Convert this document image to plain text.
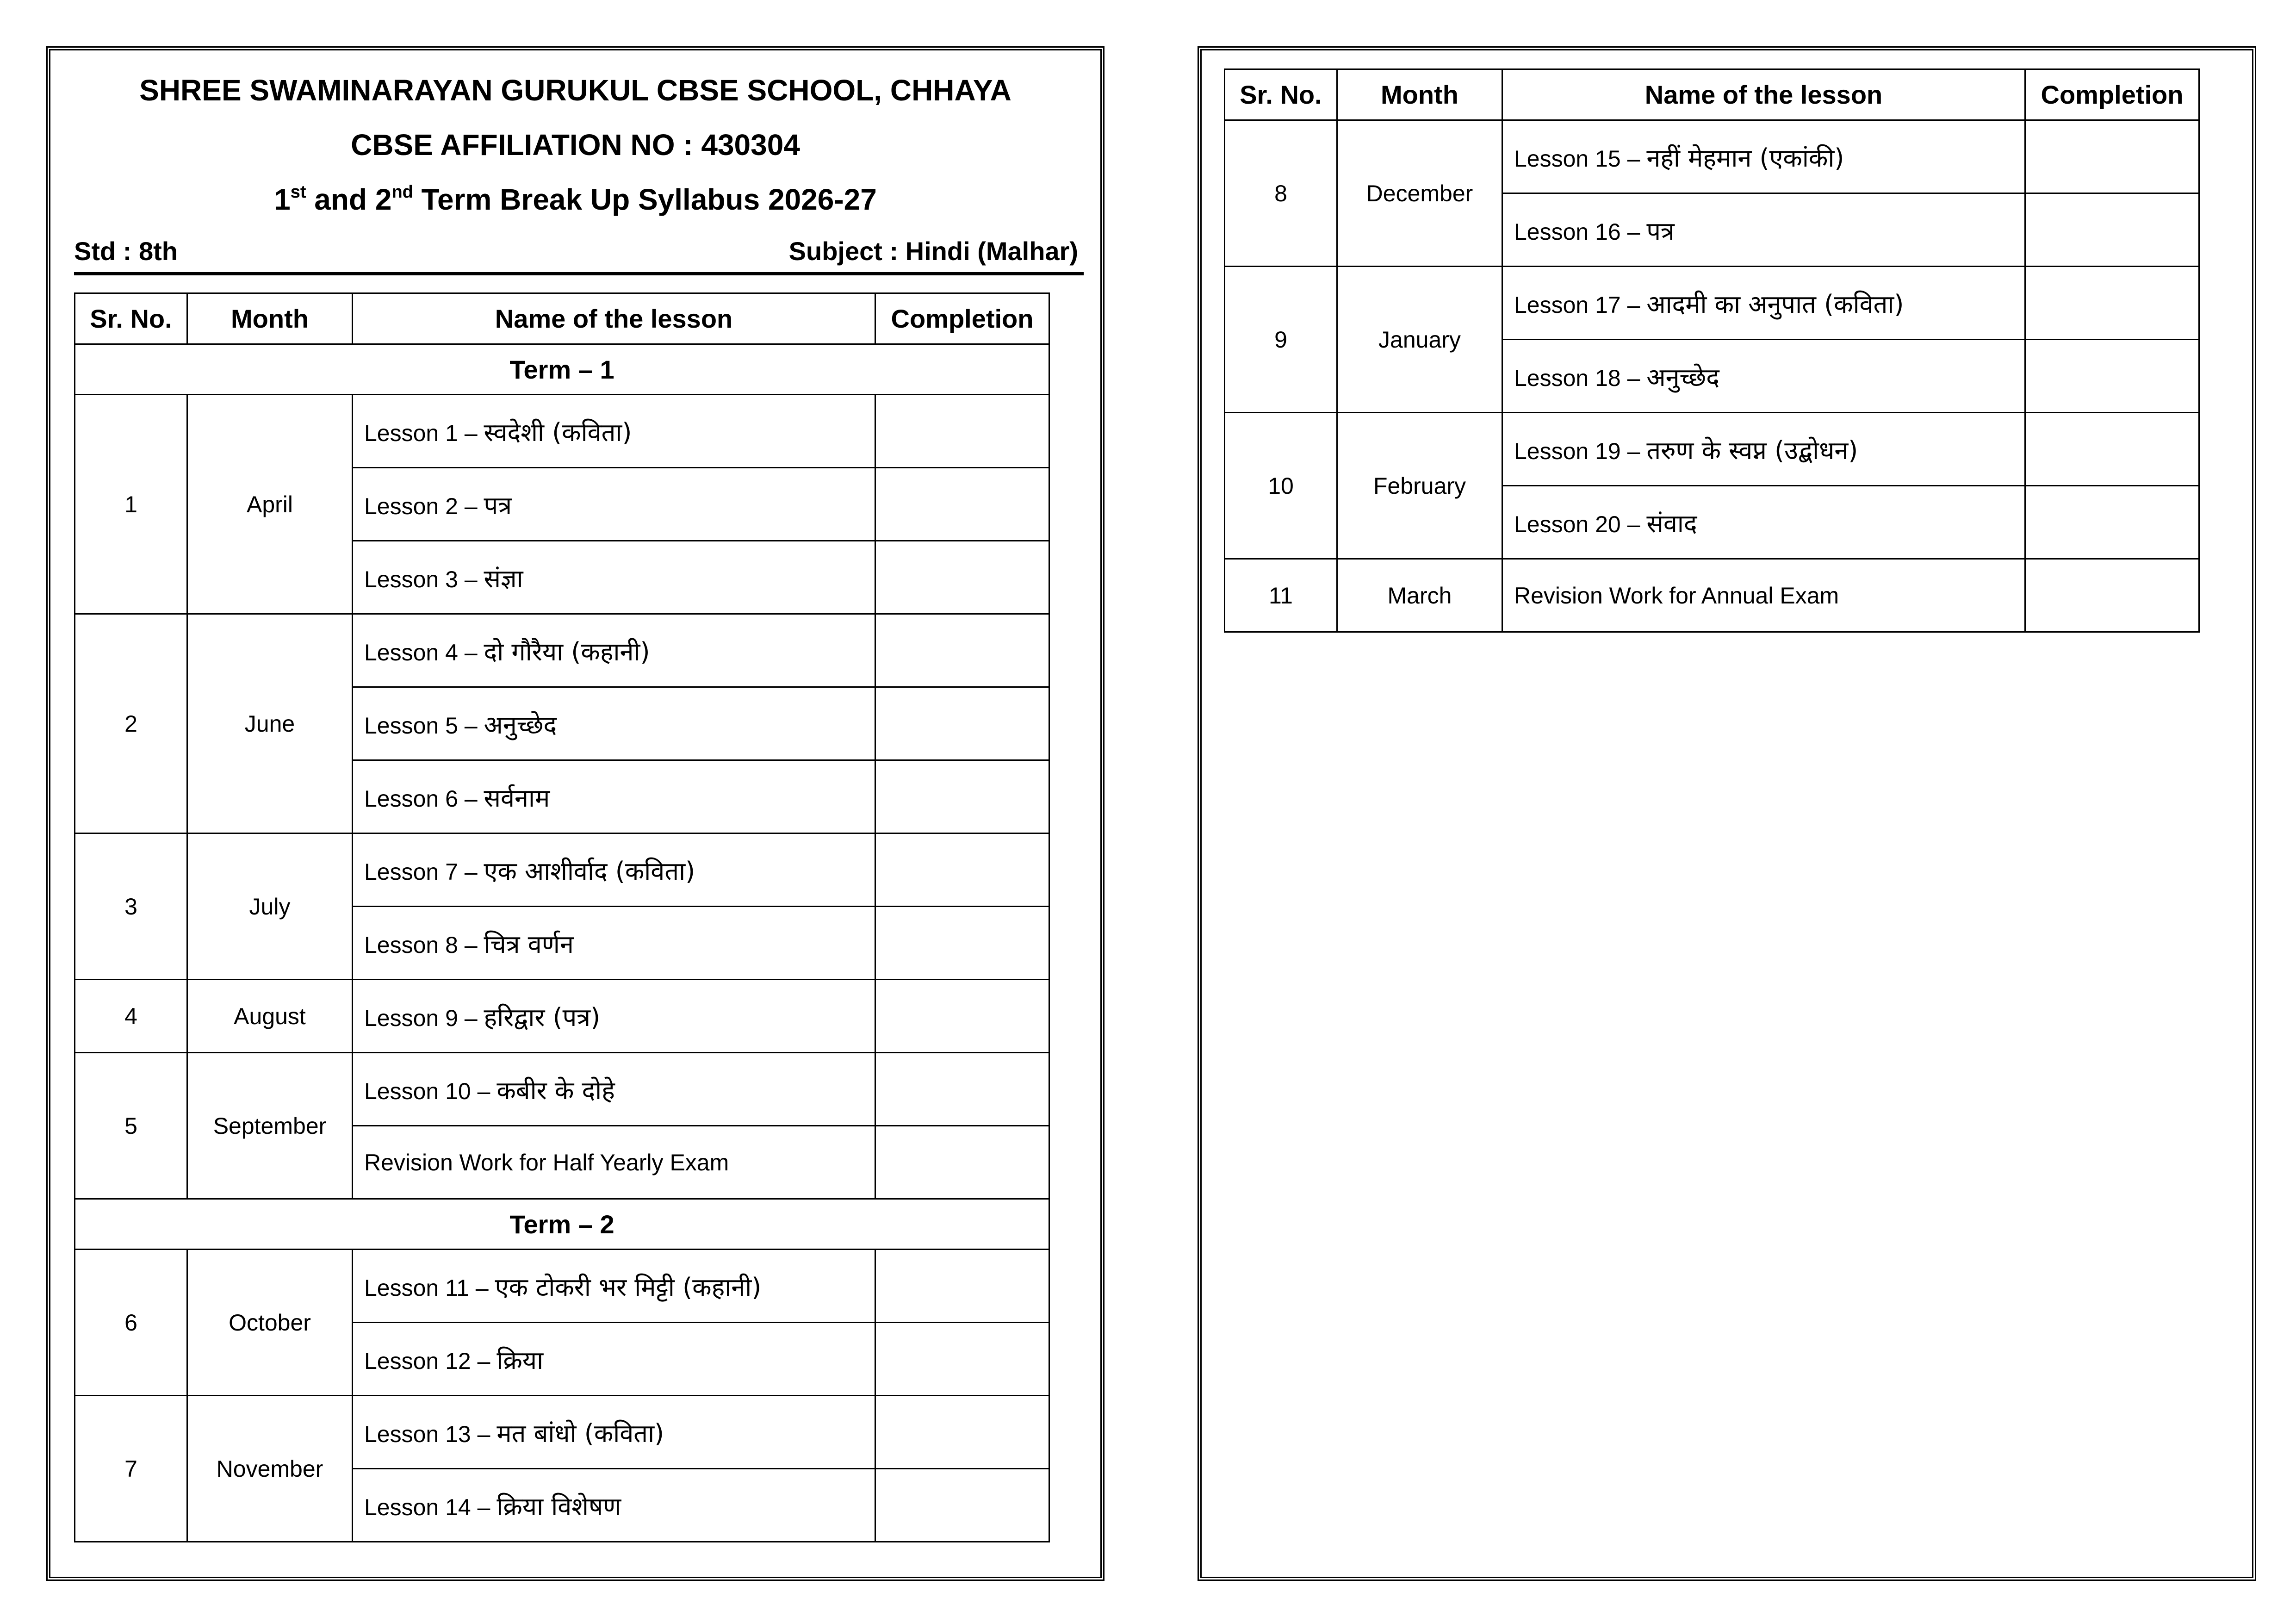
SHREE SWAMINARAYAN GURUKUL CBSE SCHOOL, CHHAYA
CBSE AFFILIATION NO : 430304
1st and 2nd Term Break Up Syllabus 2026-27
Std : 8th	Subject : Hindi (Malhar)
Sr. No.	Month	Name of the lesson	Completion
Term – 1			
1	April	Lesson 1 – स्वदेशी (कविता)	
		Lesson 2 – पत्र	
		Lesson 3 – संज्ञा	
2	June	Lesson 4 – दो गौरैया (कहानी)	
		Lesson 5 – अनुच्छेद	
		Lesson 6 – सर्वनाम	
3	July	Lesson 7 – एक आशीर्वाद (कविता)	
		Lesson 8 – चित्र वर्णन	
4	August	Lesson 9 – हरिद्वार (पत्र)	
5	September	Lesson 10 – कबीर के दोहे	
		Revision Work for Half Yearly Exam	
Term – 2			
6	October	Lesson 11 – एक टोकरी भर मिट्टी (कहानी)	
		Lesson 12 – क्रिया	
7	November	Lesson 13 – मत बांधो (कविता)	
		Lesson 14 – क्रिया विशेषण	
Sr. No.	Month	Name of the lesson	Completion
8	December	Lesson 15 – नहीं मेहमान (एकांकी)	
		Lesson 16 – पत्र	
9	January	Lesson 17 – आदमी का अनुपात (कविता)	
		Lesson 18 – अनुच्छेद	
10	February	Lesson 19 – तरुण के स्वप्न (उद्बोधन)	
		Lesson 20 – संवाद	
11	March	Revision Work for Annual Exam	
